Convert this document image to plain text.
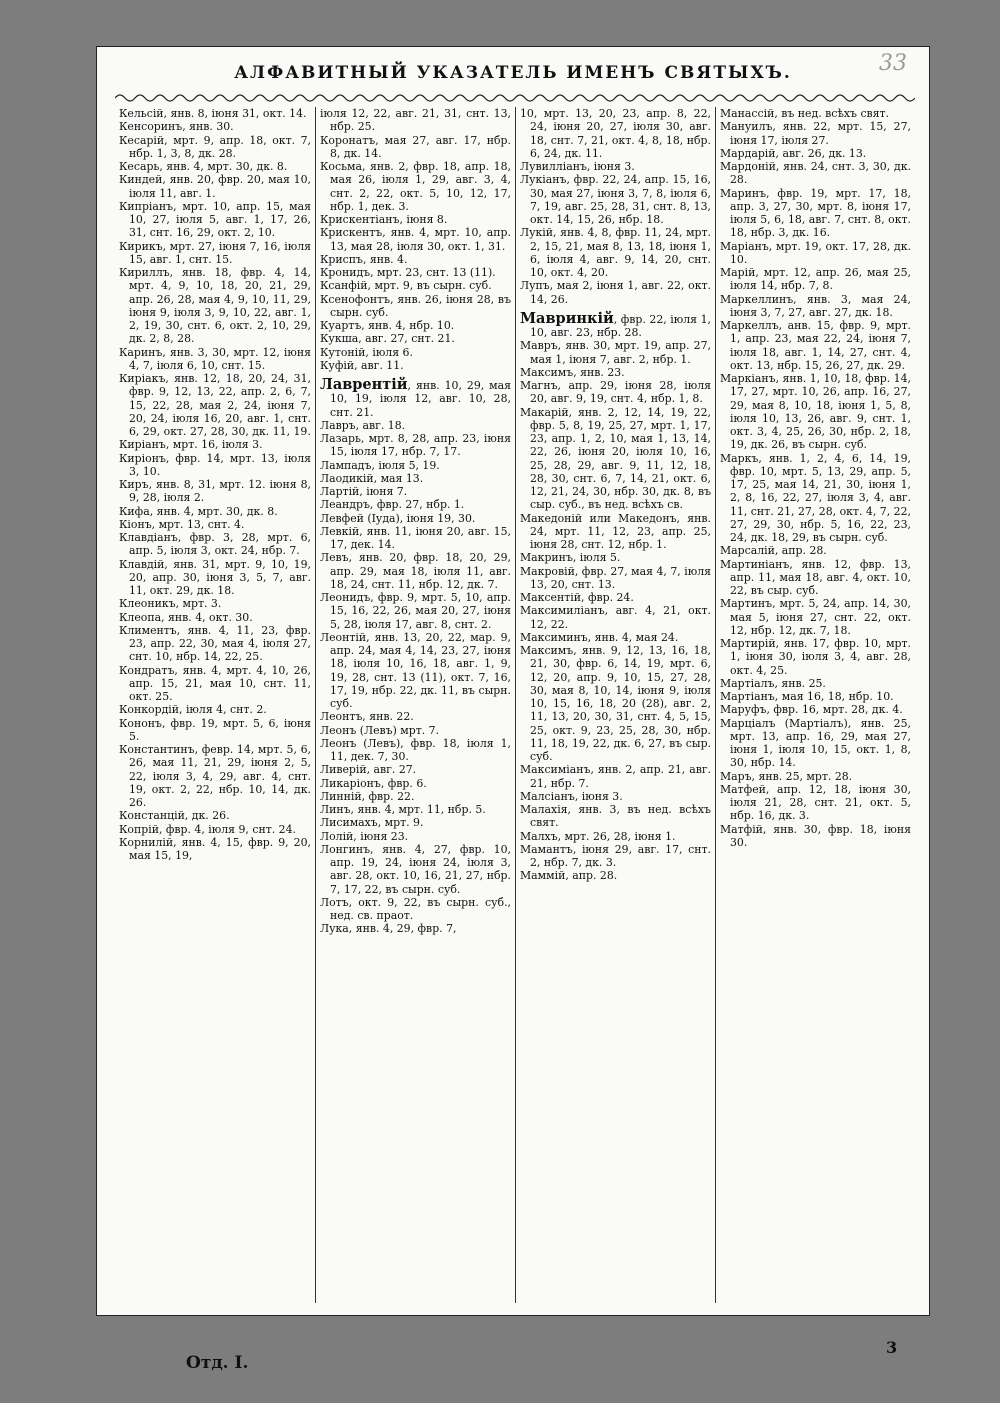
АЛФАВИТНЫЙ УКАЗАТЕЛЬ ИМЕНЪ СВЯТЫХЪ.	33
Кельсій, янв. 8, іюня 31, окт. 14.
Кенсоринъ, янв. 30.
Кесарій, мрт. 9, апр. 18, окт. 7, нбр. 1, 3, 8, дк. 28.
Кесарь, янв. 4, мрт. 30, дк. 8.
Киндей, янв. 20, фвр. 20, мая 10, іюля 11, авг. 1.
Кипріанъ, мрт. 10, апр. 15, мая 10, 27, іюля 5, авг. 1, 17, 26, 31, снт. 16, 29, окт. 2, 10.
Кирикъ, мрт. 27, іюня 7, 16, іюля 15, авг. 1, снт. 15.
Кириллъ, янв. 18, фвр. 4, 14, мрт. 4, 9, 10, 18, 20, 21, 29, апр. 26, 28, мая 4, 9, 10, 11, 29, іюня 9, іюля 3, 9, 10, 22, авг. 1, 2, 19, 30, снт. 6, окт. 2, 10, 29, дк. 2, 8, 28.
Каринъ, янв. 3, 30, мрт. 12, іюня 4, 7, іюля 6, 10, снт. 15.
Киріакъ, янв. 12, 18, 20, 24, 31, фвр. 9, 12, 13, 22, апр. 2, 6, 7, 15, 22, 28, мая 2, 24, іюня 7, 20, 24, іюля 16, 20, авг. 1, снт. 6, 29, окт. 27, 28, 30, дк. 11, 19.
Киріанъ, мрт. 16, іюля 3.
Киріонъ, фвр. 14, мрт. 13, іюля 3, 10.
Киръ, янв. 8, 31, мрт. 12. іюня 8, 9, 28, іюля 2.
Кифа, янв. 4, мрт. 30, дк. 8.
Кіонъ, мрт. 13, снт. 4.
Клавдіанъ, фвр. 3, 28, мрт. 6, апр. 5, іюля 3, окт. 24, нбр. 7.
Клавдій, янв. 31, мрт. 9, 10, 19, 20, апр. 30, іюня 3, 5, 7, авг. 11, окт. 29, дк. 18.
Клеоникъ, мрт. 3.
Клеопа, янв. 4, окт. 30.
Климентъ, янв. 4, 11, 23, фвр. 23, апр. 22, 30, мая 4, іюля 27, снт. 10, нбр. 14, 22, 25.
Кондратъ, янв. 4, мрт. 4, 10, 26, апр. 15, 21, мая 10, снт. 11, окт. 25.
Конкордій, іюля 4, снт. 2.
Кононъ, фвр. 19, мрт. 5, 6, іюня 5.
Константинъ, февр. 14, мрт. 5, 6, 26, мая 11, 21, 29, іюня 2, 5, 22, іюля 3, 4, 29, авг. 4, снт. 19, окт. 2, 22, нбр. 10, 14, дк. 26.
Констанцій, дк. 26.
Копрій, фвр. 4, іюля 9, снт. 24.
Корнилій, янв. 4, 15, фвр. 9, 20, мая 15, 19,
іюля 12, 22, авг. 21, 31, снт. 13, нбр. 25.
Коронатъ, мая 27, авг. 17, нбр. 8, дк. 14.
Косьма, янв. 2, фвр. 18, апр. 18, мая 26, іюля 1, 29, авг. 3, 4, снт. 2, 22, окт. 5, 10, 12, 17, нбр. 1, дек. 3.
Крискентіанъ, іюня 8.
Крискентъ, янв. 4, мрт. 10, апр. 13, мая 28, іюля 30, окт. 1, 31.
Криспъ, янв. 4.
Кронидъ, мрт. 23, снт. 13 (11).
Ксанфій, мрт. 9, въ сырн. суб.
Ксенофонтъ, янв. 26, іюня 28, въ сырн. суб.
Куартъ, янв. 4, нбр. 10.
Кукша, авг. 27, снт. 21.
Кутоній, іюля 6.
Куфій, авг. 11.
Лаврентій, янв. 10, 29, мая 10, 19, іюля 12, авг. 10, 28, снт. 21.
Лавръ, авг. 18.
Лазарь, мрт. 8, 28, апр. 23, іюня 15, іюля 17, нбр. 7, 17.
Лампадъ, іюля 5, 19.
Лаодикій, мая 13.
Лартій, іюня 7.
Леандръ, фвр. 27, нбр. 1.
Левфей (Іуда), іюня 19, 30.
Левкій, янв. 11, іюня 20, авг. 15, 17, дек. 14.
Левъ, янв. 20, фвр. 18, 20, 29, апр. 29, мая 18, іюля 11, авг. 18, 24, снт. 11, нбр. 12, дк. 7.
Леонидъ, фвр. 9, мрт. 5, 10, апр. 15, 16, 22, 26, мая 20, 27, іюня 5, 28, іюля 17, авг. 8, снт. 2.
Леонтій, янв. 13, 20, 22, мар. 9, апр. 24, мая 4, 14, 23, 27, іюня 18, іюля 10, 16, 18, авг. 1, 9, 19, 28, снт. 13 (11), окт. 7, 16, 17, 19, нбр. 22, дк. 11, въ сырн. суб.
Леонтъ, янв. 22.
Леонъ (Левъ) мрт. 7.
Леонъ (Левъ), фвр. 18, іюля 1, 11, дек. 7, 30.
Ливерій, авг. 27.
Ликаріонъ, фвр. 6.
Линній, фвр. 22.
Линъ, янв. 4, мрт. 11, нбр. 5.
Лисимахъ, мрт. 9.
Лолій, іюня 23.
Лонгинъ, янв. 4, 27, фвр. 10, апр. 19, 24, іюня 24, іюля 3, авг. 28, окт. 10, 16, 21, 27, нбр. 7, 17, 22, въ сырн. суб.
Лотъ, окт. 9, 22, въ сырн. суб., нед. св. праот.
Лука, янв. 4, 29, фвр. 7,
10, мрт. 13, 20, 23, апр. 8, 22, 24, іюня 20, 27, іюля 30, авг. 18, снт. 7, 21, окт. 4, 8, 18, нбр. 6, 24, дк. 11.
Лувилліанъ, іюня 3.
Лукіанъ, фвр. 22, 24, апр. 15, 16, 30, мая 27, іюня 3, 7, 8, іюля 6, 7, 19, авг. 25, 28, 31, снт. 8, 13, окт. 14, 15, 26, нбр. 18.
Лукій, янв. 4, 8, фвр. 11, 24, мрт. 2, 15, 21, мая 8, 13, 18, іюня 1, 6, іюля 4, авг. 9, 14, 20, снт. 10, окт. 4, 20.
Лупъ, мая 2, іюня 1, авг. 22, окт. 14, 26.
Мавринкій, фвр. 22, іюля 1, 10, авг. 23, нбр. 28.
Мавръ, янв. 30, мрт. 19, апр. 27, мая 1, іюня 7, авг. 2, нбр. 1.
Максимъ, янв. 23.
Магнъ, апр. 29, іюня 28, іюля 20, авг. 9, 19, снт. 4, нбр. 1, 8.
Макарій, янв. 2, 12, 14, 19, 22, фвр. 5, 8, 19, 25, 27, мрт. 1, 17, 23, апр. 1, 2, 10, мая 1, 13, 14, 22, 26, іюня 20, іюля 10, 16, 25, 28, 29, авг. 9, 11, 12, 18, 28, 30, снт. 6, 7, 14, 21, окт. 6, 12, 21, 24, 30, нбр. 30, дк. 8, въ сыр. суб., въ нед. всѣхъ св.
Македоній или Македонъ, янв. 24, мрт. 11, 12, 23, апр. 25, іюня 28, снт. 12, нбр. 1.
Макринъ, іюля 5.
Макровій, фвр. 27, мая 4, 7, іюля 13, 20, снт. 13.
Максентій, фвр. 24.
Максимиліанъ, авг. 4, 21, окт. 12, 22.
Максиминъ, янв. 4, мая 24.
Максимъ, янв. 9, 12, 13, 16, 18, 21, 30, фвр. 6, 14, 19, мрт. 6, 12, 20, апр. 9, 10, 15, 27, 28, 30, мая 8, 10, 14, іюня 9, іюля 10, 15, 16, 18, 20 (28), авг. 2, 11, 13, 20, 30, 31, снт. 4, 5, 15, 25, окт. 9, 23, 25, 28, 30, нбр. 11, 18, 19, 22, дк. 6, 27, въ сыр. суб.
Максиміанъ, янв. 2, апр. 21, авг. 21, нбр. 7.
Малсіанъ, іюня 3.
Малахія, янв. 3, въ нед. всѣхъ свят.
Малхъ, мрт. 26, 28, іюня 1.
Мамантъ, іюня 29, авг. 17, снт. 2, нбр. 7, дк. 3.
Маммій, апр. 28.
Манассій, въ нед. всѣхъ свят.
Мануилъ, янв. 22, мрт. 15, 27, іюня 17, іюля 27.
Мардарій, авг. 26, дк. 13.
Мардоній, янв. 24, снт. 3, 30, дк. 28.
Маринъ, фвр. 19, мрт. 17, 18, апр. 3, 27, 30, мрт. 8, іюня 17, іюля 5, 6, 18, авг. 7, снт. 8, окт. 18, нбр. 3, дк. 16.
Маріанъ, мрт. 19, окт. 17, 28, дк. 10.
Марій, мрт. 12, апр. 26, мая 25, іюля 14, нбр. 7, 8.
Маркеллинъ, янв. 3, мая 24, іюня 3, 7, 27, авг. 27, дк. 18.
Маркеллъ, анв. 15, фвр. 9, мрт. 1, апр. 23, мая 22, 24, іюня 7, іюля 18, авг. 1, 14, 27, снт. 4, окт. 13, нбр. 15, 26, 27, дк. 29.
Маркіанъ, янв. 1, 10, 18, фвр. 14, 17, 27, мрт. 10, 26, апр. 16, 27, 29, мая 8, 10, 18, іюня 1, 5, 8, іюля 10, 13, 26, авг. 9, снт. 1, окт. 3, 4, 25, 26, 30, нбр. 2, 18, 19, дк. 26, въ сырн. суб.
Маркъ, янв. 1, 2, 4, 6, 14, 19, фвр. 10, мрт. 5, 13, 29, апр. 5, 17, 25, мая 14, 21, 30, іюня 1, 2, 8, 16, 22, 27, іюля 3, 4, авг. 11, снт. 21, 27, 28, окт. 4, 7, 22, 27, 29, 30, нбр. 5, 16, 22, 23, 24, дк. 18, 29, въ сырн. суб.
Марсалій, апр. 28.
Мартиніанъ, янв. 12, фвр. 13, апр. 11, мая 18, авг. 4, окт. 10, 22, въ сыр. суб.
Мартинъ, мрт. 5, 24, апр. 14, 30, мая 5, іюня 27, снт. 22, окт. 12, нбр. 12, дк. 7, 18.
Мартирій, янв. 17, фвр. 10, мрт. 1, іюня 30, іюля 3, 4, авг. 28, окт. 4, 25.
Мартіалъ, янв. 25.
Мартіанъ, мая 16, 18, нбр. 10.
Маруфъ, фвр. 16, мрт. 28, дк. 4.
Марціалъ (Мартіалъ), янв. 25, мрт. 13, апр. 16, 29, мая 27, іюня 1, іюля 10, 15, окт. 1, 8, 30, нбр. 14.
Маръ, янв. 25, мрт. 28.
Матфей, апр. 12, 18, іюня 30, іюля 21, 28, снт. 21, окт. 5, нбр. 16, дк. 3.
Матфій, янв. 30, фвр. 18, іюня 30.
Отд. I.
3
